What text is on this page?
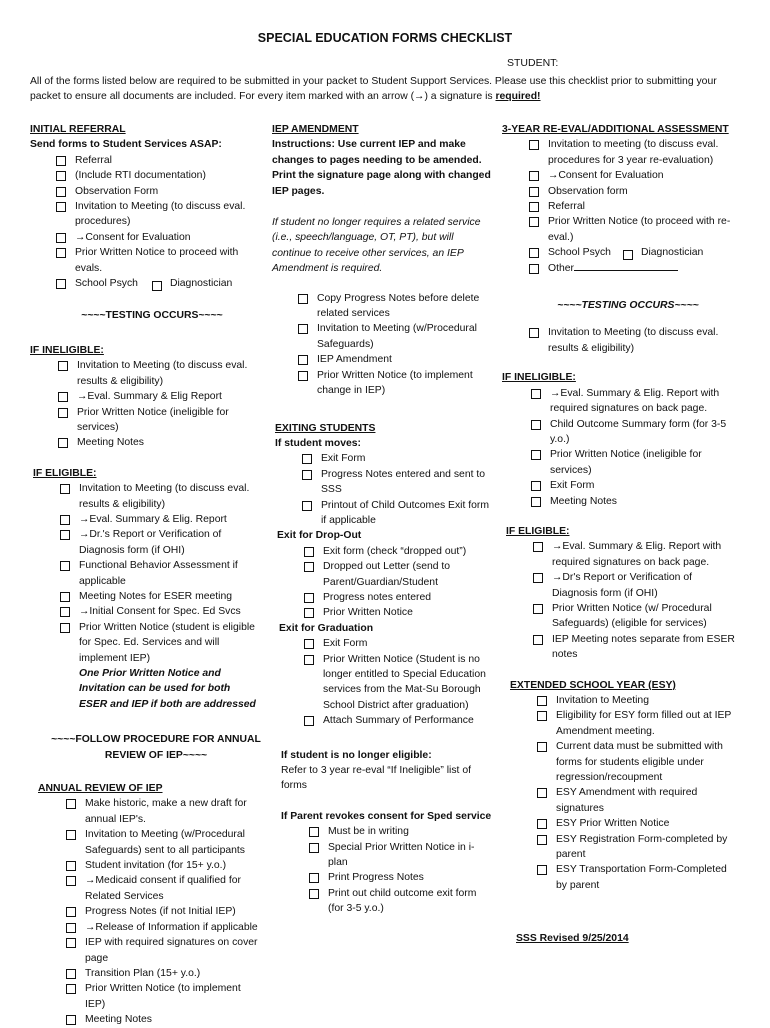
SPECIAL EDUCATION FORMS CHECKLIST
STUDENT:
All of the forms listed below are required to be submitted in your packet to Student Support Services. Please use this checklist prior to submitting your packet to ensure all documents are included. For every item marked with an arrow (→) a signature is required!
INITIAL REFERRAL
Send forms to Student Services ASAP:
Referral
(Include RTI documentation)
Observation Form
Invitation to Meeting (to discuss eval. procedures)
→Consent for Evaluation
Prior Written Notice to proceed with evals.
School Psych	Diagnostician
~~~~TESTING OCCURS~~~~
IF INELIGIBLE:
Invitation to Meeting (to discuss eval. results & eligibility)
→Eval. Summary & Elig Report
Prior Written Notice (ineligible for services)
Meeting Notes
IF ELIGIBLE:
Invitation to Meeting (to discuss eval. results & eligibility)
→Eval. Summary & Elig. Report
→Dr.'s Report or Verification of Diagnosis form (if OHI)
Functional Behavior Assessment if applicable
Meeting Notes for ESER meeting
→Initial Consent for Spec. Ed Svcs
Prior Written Notice (student is eligible for Spec. Ed. Services and will implement IEP)
One Prior Written Notice and Invitation can be used for both ESER and IEP if both are addressed
~~~~FOLLOW PROCEDURE FOR ANNUAL REVIEW OF IEP~~~~
ANNUAL REVIEW OF IEP
Make historic, make a new draft for annual IEP's.
Invitation to Meeting (w/Procedural Safeguards) sent to all participants
Student invitation (for 15+ y.o.)
→Medicaid consent if qualified for Related Services
Progress Notes (if not Initial IEP)
→Release of Information if applicable
IEP with required signatures on cover page
Transition Plan (15+ y.o.)
Prior Written Notice (to implement IEP)
Meeting Notes
IEP AMENDMENT
Instructions: Use current IEP and make changes to pages needing to be amended. Print the signature page along with changed IEP pages.
If student no longer requires a related service (i.e., speech/language, OT, PT), but will continue to receive other services, an IEP Amendment is required.
Copy Progress Notes before delete related services
Invitation to Meeting (w/Procedural Safeguards)
IEP Amendment
Prior Written Notice (to implement change in IEP)
EXITING STUDENTS
If student moves:
Exit Form
Progress Notes entered and sent to SSS
Printout of Child Outcomes Exit form if applicable
Exit for Drop-Out
Exit form (check “dropped out”)
Dropped out Letter (send to Parent/Guardian/Student
Progress notes entered
Prior Written Notice
Exit for Graduation
Exit Form
Prior Written Notice (Student is no longer entitled to Special Education services from the Mat-Su Borough School District after graduation)
Attach Summary of Performance
If student is no longer eligible:
Refer to 3 year re-eval “If Ineligible” list of forms
If Parent revokes consent for Sped service
Must be in writing
Special Prior Written Notice in i-plan
Print Progress Notes
Print out child outcome exit form (for 3-5 y.o.)
3-YEAR RE-EVAL/ADDITIONAL ASSESSMENT
Invitation to meeting (to discuss eval. procedures for 3 year re-evaluation)
→Consent for Evaluation
Observation form
Referral
Prior Written Notice (to proceed with re-eval.)
School Psych	Diagnostician
Other
~~~~TESTING OCCURS~~~~
Invitation to Meeting (to discuss eval. results & eligibility)
IF INELIGIBLE:
→Eval. Summary & Elig. Report with required signatures on back page.
Child Outcome Summary form (for 3-5 y.o.)
Prior Written Notice (ineligible for services)
Exit Form
Meeting Notes
IF ELIGIBLE:
→Eval. Summary & Elig. Report with required signatures on back page.
→Dr's Report or Verification of Diagnosis form (if OHI)
Prior Written Notice (w/ Procedural Safeguards) (eligible for services)
IEP Meeting notes separate from ESER notes
EXTENDED SCHOOL YEAR (ESY)
Invitation to Meeting
Eligibility for ESY form filled out at IEP Amendment meeting.
Current data must be submitted with forms for students eligible under regression/recoupment
ESY Amendment with required signatures
ESY Prior Written Notice
ESY Registration Form-completed by parent
ESY Transportation Form-Completed by parent
SSS Revised 9/25/2014
